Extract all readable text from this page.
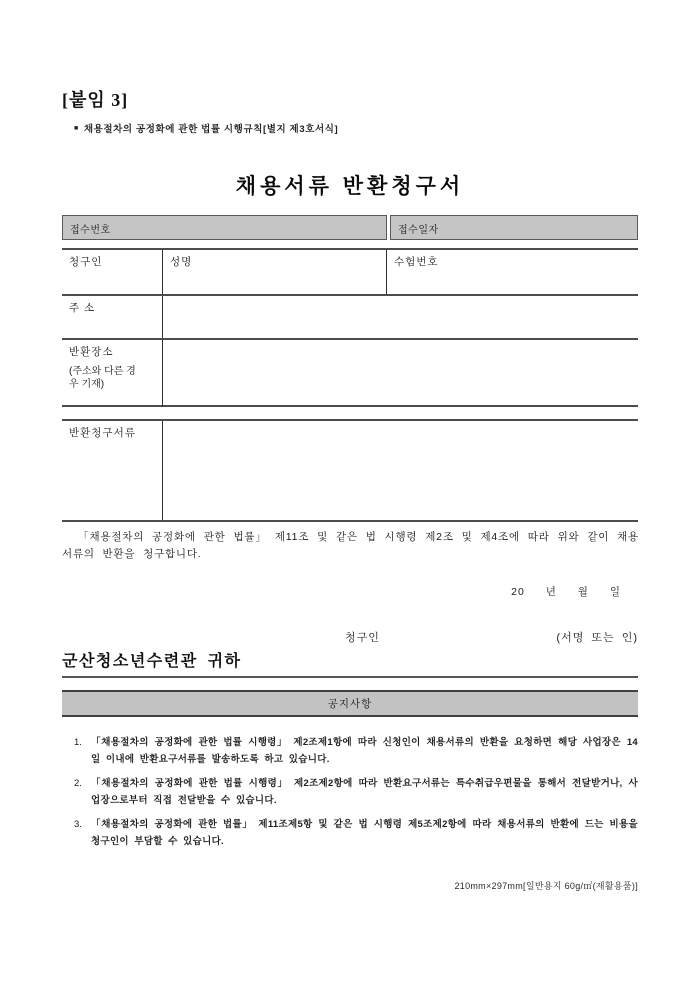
[붙임 3]
■ 채용절차의 공정화에 관한 법률 시행규칙[별지 제3호서식]
채용서류 반환청구서
접수번호	접수일자
청구인	성명	수험번호
주 소
반환장소
(주소와 다른 경
우 기재)
반환청구서류
「채용절차의 공정화에 관한 법률」 제11조 및 같은 법 시행령 제2조 및 제4조에 따라 위와 같이 채용서류의 반환을 청구합니다.
20 년 월 일
청구인	(서명 또는 인)
군산청소년수련관 귀하
공지사항
1. 「채용절차의 공정화에 관한 법률 시행령」 제2조제1항에 따라 신청인이 채용서류의 반환을 요청하면 해당 사업장은 14일 이내에 반환요구서류를 발송하도록 하고 있습니다.
2. 「채용절차의 공정화에 관한 법률 시행령」 제2조제2항에 따라 반환요구서류는 특수취급우편물을 통해서 전달받거나, 사업장으로부터 직접 전달받을 수 있습니다.
3. 「채용절차의 공정화에 관한 법률」 제11조제5항 및 같은 법 시행령 제5조제2항에 따라 채용서류의 반환에 드는 비용을 청구인이 부담할 수 있습니다.
210mm×297mm[일반용지 60g/㎡(재활용품)]
